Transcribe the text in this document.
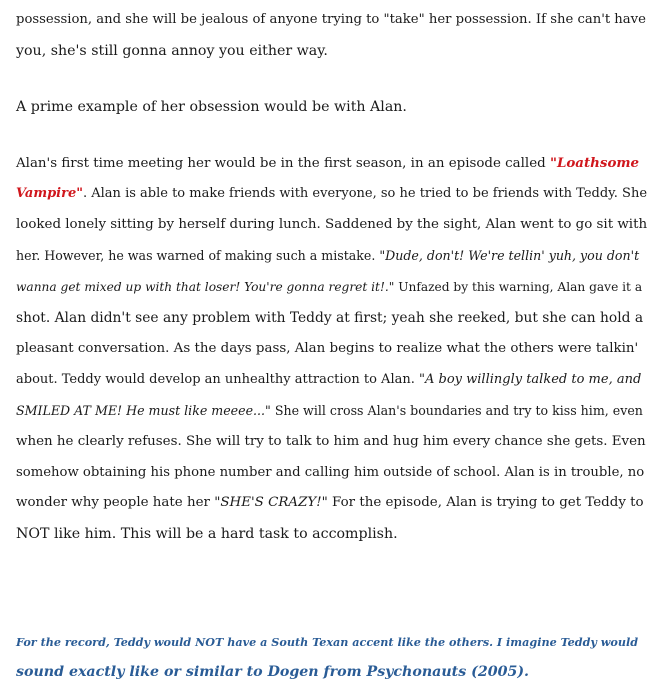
possession, and she will be jealous of anyone trying to "take" her possession. If she can't have
you, she's still gonna annoy you either way.
A prime example of her obsession would be with Alan.
Alan's first time meeting her would be in the first season, in an episode called "Loathsome
Vampire". Alan is able to make friends with everyone, so he tried to be friends with Teddy. She
looked lonely sitting by herself during lunch. Saddened by the sight, Alan went to go sit with
her. However, he was warned of making such a mistake. "Dude, don't! We're tellin' yuh, you don't
wanna get mixed up with that loser! You're gonna regret it!." Unfazed by this warning, Alan gave it a
shot. Alan didn't see any problem with Teddy at first; yeah she reeked, but she can hold a
pleasant conversation. As the days pass, Alan begins to realize what the others were talkin'
about. Teddy would develop an unhealthy attraction to Alan. "A boy willingly talked to me, and
SMILED AT ME! He must like meeee..." She will cross Alan's boundaries and try to kiss him, even
when he clearly refuses. She will try to talk to him and hug him every chance she gets. Even
somehow obtaining his phone number and calling him outside of school. Alan is in trouble, no
wonder why people hate her "SHE'S CRAZY!" For the episode, Alan is trying to get Teddy to
NOT like him. This will be a hard task to accomplish.
For the record, Teddy would NOT have a South Texan accent like the others. I imagine Teddy would
sound exactly like or similar to Dogen from Psychonauts (2005).
